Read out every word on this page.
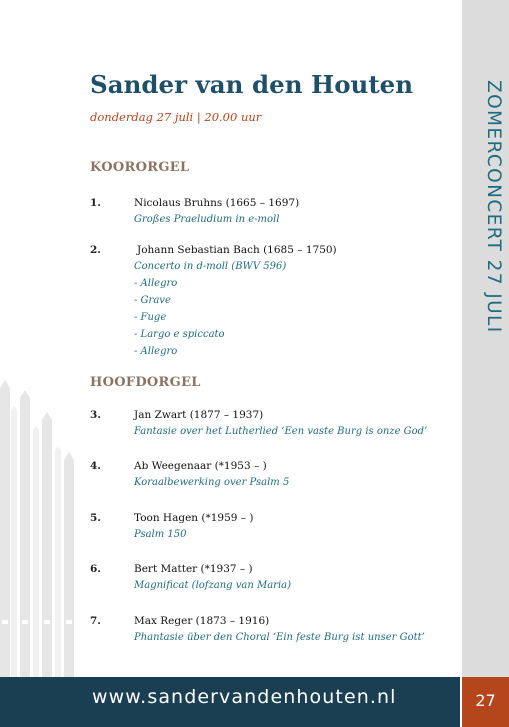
ZOMERCONCERT 27 JULI
Sander van den Houten
donderdag 27 juli | 20.00 uur
KOORORGEL
1.	Nicolaus Bruhns (1665 – 1697)
Großes Praeludium in e-moll
2.	Johann Sebastian Bach (1685 – 1750)
Concerto in d-moll (BWV 596)
- Allegro
- Grave
- Fuge
- Largo e spiccato
- Allegro
HOOFDORGEL
3.	Jan Zwart (1877 – 1937)
Fantasie over het Lutherlied ‘Een vaste Burg is onze God’
4.	Ab Weegenaar (*1953 – )
Koraalbewerking over Psalm 5
5.	Toon Hagen (*1959 – )
Psalm 150
6.	Bert Matter (*1937 – )
Magnificat (lofzang van Maria)
7.	Max Reger (1873 – 1916)
Phantasie über den Choral ‘Ein feste Burg ist unser Gott’
www.sandervandenhouten.nl	27
